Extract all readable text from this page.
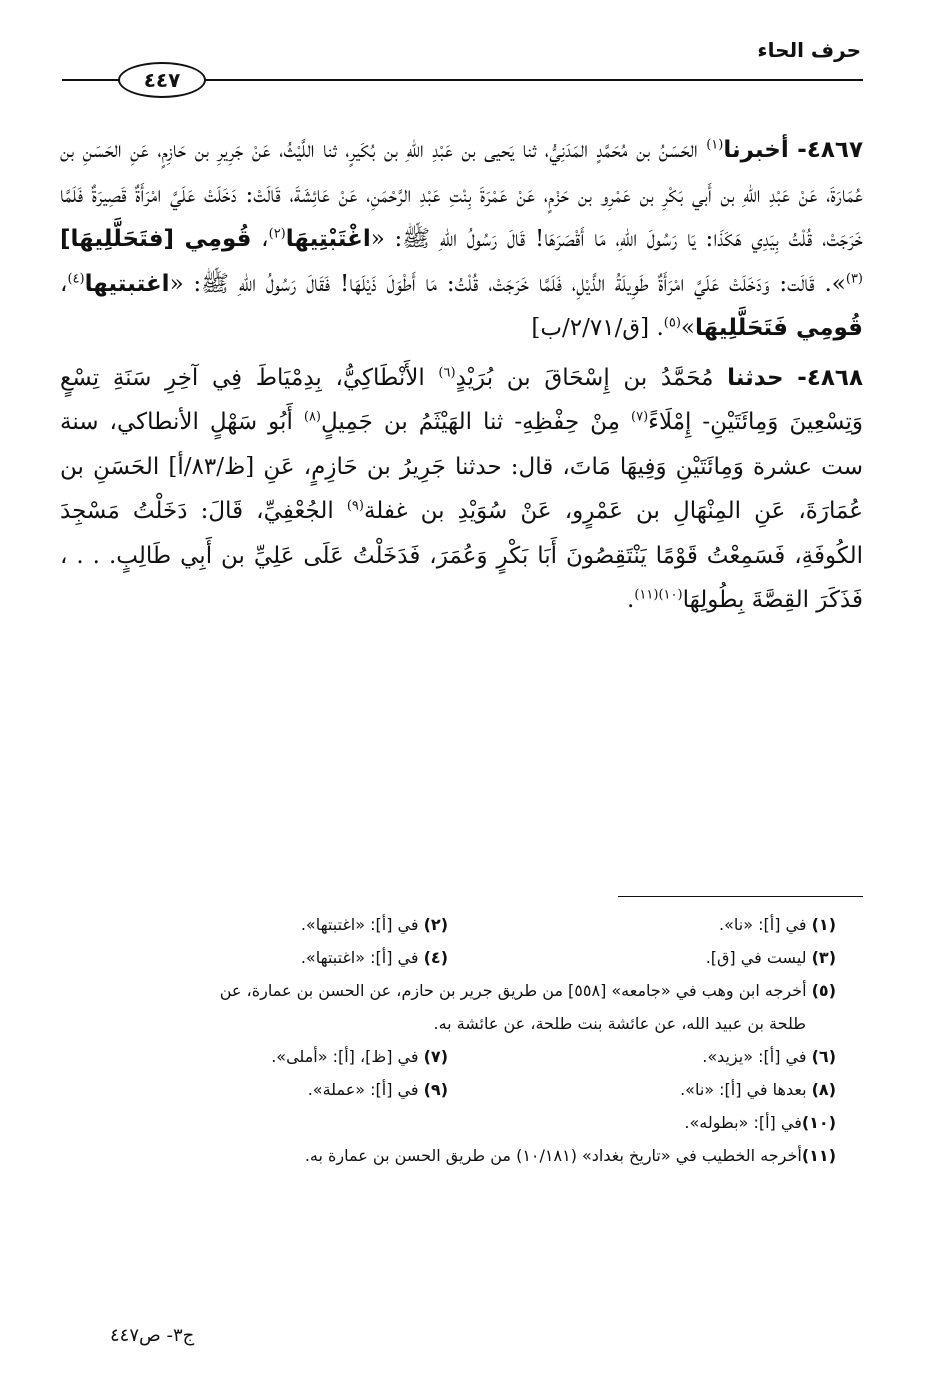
حرف الحاء
٤٤٧

٤٨٦٧- أخبرنا$^{(١)}$ الحَسَنُ بن مُحَمَّدٍ المَدَنِيُّ، ثنا يَحيى بن عَبْدِ اللهِ بن بُكَيرٍ، ثنا اللَّيْثُ، عَنْ جَرِيرِ بن حَازِمٍ، عَنِ الحَسَنِ بن عُمَارَةَ، عَنْ عَبْدِ اللهِ بن أَبي بَكْرِ بن عَمْرِو بن حَزْمٍ، عَنْ عَمْرَةَ بِنْتِ عَبْدِ الرَّحْمَنِ، عَنْ عَائِشَةَ، قَالَتْ: دَخَلَتْ عَلَيَّ امْرَأَةٌ قَصِيرَةٌ فَلَمَّا خَرَجَتْ، قُلْتُ بِيَدِي هَكَذَا: يَا رَسُولَ اللهِ، مَا أَقْصَرَهَا! قَالَ رَسُولُ اللهِ ﷺ: «اغْتَبْتِيهَا$^{(٢)}$، قُومِي [فتَحَلَّلِيهَا]$^{(٣)}$». قَالَت: وَدَخَلَتْ عَلَيَّ امْرَأَةٌ طَوِيلَةُ الذَّيْلِ، فَلَمَّا خَرَجَتْ، قُلْتُ: مَا أَطْوَلَ ذَيْلَهَا! فَقَالَ رَسُولُ اللهِ ﷺ: «اغتبتيها$^{(٤)}$، قُومِي فَتَحَلَّلِيهَا»$^{(٥)}$. [ق/٢/٧١/ب]

٤٨٦٨- حدثنا مُحَمَّدُ بن إِسْحَاقَ بن بُرَيْدٍ$^{(٦)}$ الأَنْطَاكِيُّ، بِدِمْيَاطَ فِي آخِرِ سَنَةِ تِسْعٍ وَتِسْعِينَ وَمِائَتَيْنِ- إِمْلَاءً$^{(٧)}$ مِنْ حِفْظِهِ- ثنا الهَيْثَمُ بن جَمِيلٍ$^{(٨)}$ أَبُو سَهْلٍ الأنطاكي، سنة ست عشرة وَمِائَتَيْنِ وَفِيهَا مَاتَ، قال: حدثنا جَرِيرُ بن حَازِمٍ، عَنِ [ظ/٨٣/أ] الحَسَنِ بن عُمَارَةَ، عَنِ المِنْهَالِ بن عَمْرٍو، عَنْ سُوَيْدِ بن غفلة$^{(٩)}$ الجُعْفِيِّ، قَالَ: دَخَلْتُ مَسْجِدَ الكُوفَةِ، فَسَمِعْتُ قَوْمًا يَنْتَقِصُونَ أَبَا بَكْرٍ وَعُمَرَ، فَدَخَلْتُ عَلَى عَلِيِّ بن أَبِي طَالِبٍ. . . ، فَذَكَرَ القِصَّةَ بِطُولِهَا$^{(١٠)(١١)}$.

(١) في [أ]: «نا».
(٢) في [أ]: «اغتبتها».
(٣) ليست في [ق].
(٤) في [أ]: «اغتبتها».
(٥) أخرجه ابن وهب في «جامعه» [٥٥٨] من طريق جرير بن حازم، عن الحسن بن عمارة، عن
طلحة بن عبيد الله، عن عائشة بنت طلحة، عن عائشة به.
(٦) في [أ]: «يزيد».
(٧) في [ظ]، [أ]: «أملى».
(٨) بعدها في [أ]: «نا».
(٩) في [أ]: «عملة».
(١٠)في [أ]: «بطوله».
(١١)أخرجه الخطيب في «تاريخ بغداد» (١٠/١٨١) من طريق الحسن بن عمارة به.
ج٣- ص٤٤٧
